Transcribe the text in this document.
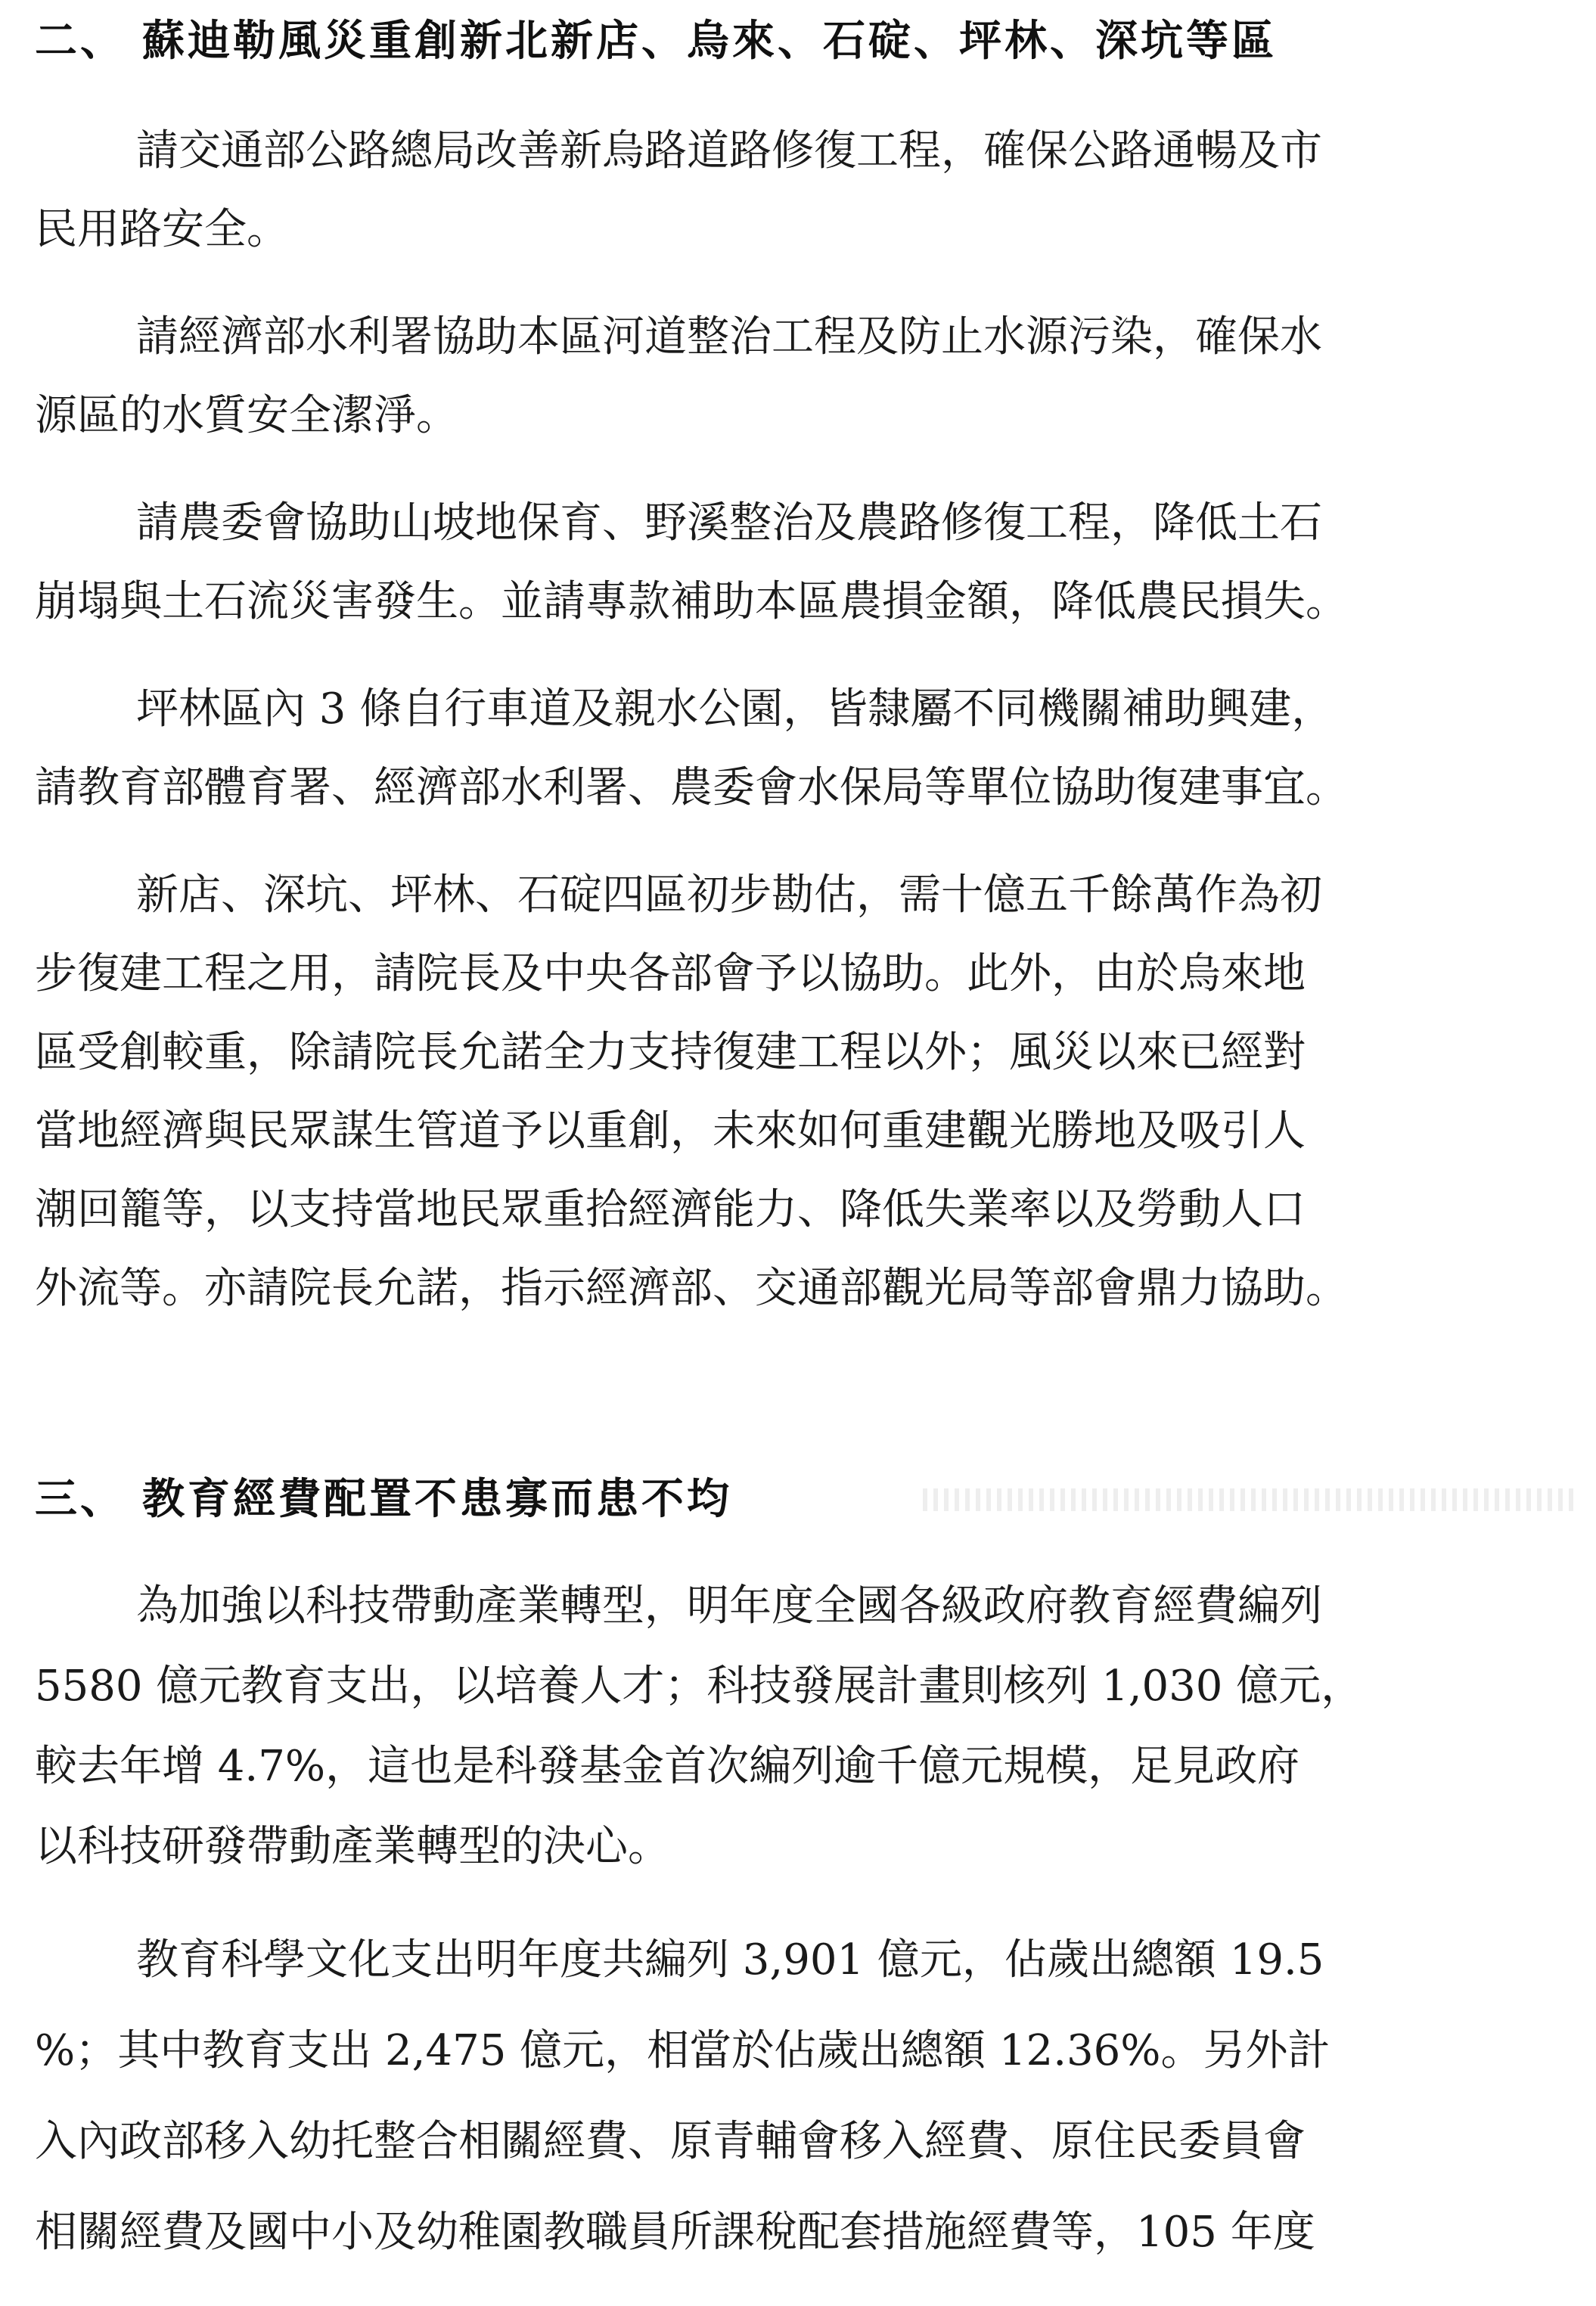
二、 蘇迪勒風災重創新北新店、烏來、石碇、坪林、深坑等區
請交通部公路總局改善新烏路道路修復工程，確保公路通暢及市
民用路安全。
請經濟部水利署協助本區河道整治工程及防止水源污染，確保水
源區的水質安全潔淨。
請農委會協助山坡地保育、野溪整治及農路修復工程，降低土石
崩塌與土石流災害發生。並請專款補助本區農損金額，降低農民損失。
坪林區內 3 條自行車道及親水公園，皆隸屬不同機關補助興建，
請教育部體育署、經濟部水利署、農委會水保局等單位協助復建事宜。
新店、深坑、坪林、石碇四區初步勘估，需十億五千餘萬作為初
步復建工程之用，請院長及中央各部會予以協助。此外，由於烏來地
區受創較重，除請院長允諾全力支持復建工程以外；風災以來已經對
當地經濟與民眾謀生管道予以重創，未來如何重建觀光勝地及吸引人
潮回籠等，以支持當地民眾重拾經濟能力、降低失業率以及勞動人口
外流等。亦請院長允諾，指示經濟部、交通部觀光局等部會鼎力協助。
三、 教育經費配置不患寡而患不均
為加強以科技帶動產業轉型，明年度全國各級政府教育經費編列
5580 億元教育支出，以培養人才；科技發展計畫則核列 1,030 億元，
較去年增 4.7%，這也是科發基金首次編列逾千億元規模，足見政府
以科技研發帶動產業轉型的決心。
教育科學文化支出明年度共編列 3,901 億元，佔歲出總額 19.5
%；其中教育支出 2,475 億元，相當於佔歲出總額 12.36%。另外計
入內政部移入幼托整合相關經費、原青輔會移入經費、原住民委員會
相關經費及國中小及幼稚園教職員所課稅配套措施經費等，105 年度
